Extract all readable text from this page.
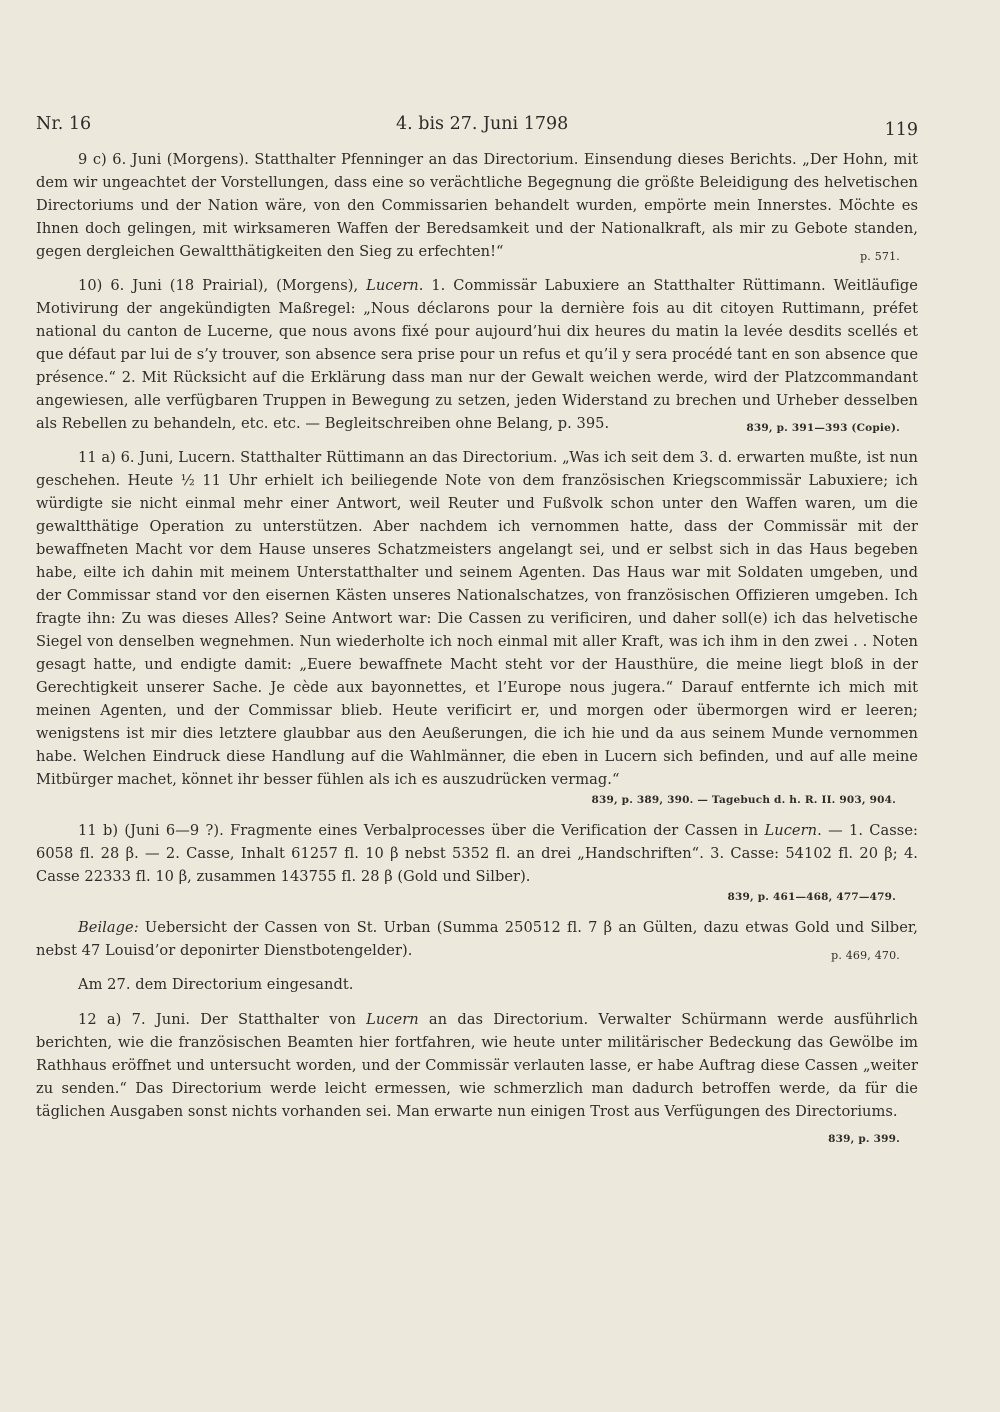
Nr. 16	4. bis 27. Juni 1798	119

9 c) 6. Juni (Morgens). Statthalter Pfenninger an das Directorium. Einsendung dieses Berichts. „Der Hohn, mit dem wir ungeachtet der Vorstellungen, dass eine so verächtliche Begegnung die größte Beleidigung des helvetischen Directoriums und der Nation wäre, von den Commissarien behandelt wurden, empörte mein Innerstes. Möchte es Ihnen doch gelingen, mit wirksameren Waffen der Beredsamkeit und der Nationalkraft, als mir zu Gebote standen, gegen dergleichen Gewaltthätigkeiten den Sieg zu erfechten!“	p. 571.

10) 6. Juni (18 Prairial), (Morgens), Lucern. 1. Commissär Labuxiere an Statthalter Rüttimann. Weitläufige Motivirung der angekündigten Maßregel: „Nous déclarons pour la dernière fois au dit citoyen Ruttimann, préfet national du canton de Lucerne, que nous avons fixé pour aujourd’hui dix heures du matin la levée desdits scellés et que défaut par lui de s’y trouver, son absence sera prise pour un refus et qu’il y sera procédé tant en son absence que présence.“ 2. Mit Rücksicht auf die Erklärung dass man nur der Gewalt weichen werde, wird der Platzcommandant angewiesen, alle verfügbaren Truppen in Bewegung zu setzen, jeden Widerstand zu brechen und Urheber desselben als Rebellen zu behandeln, etc. etc. — Begleitschreiben ohne Belang, p. 395.	839, p. 391—393 (Copie).

11 a) 6. Juni, Lucern. Statthalter Rüttimann an das Directorium. „Was ich seit dem 3. d. erwarten mußte, ist nun geschehen. Heute ½ 11 Uhr erhielt ich beiliegende Note von dem französischen Kriegscommissär Labuxiere; ich würdigte sie nicht einmal mehr einer Antwort, weil Reuter und Fußvolk schon unter den Waffen waren, um die gewaltthätige Operation zu unterstützen. Aber nachdem ich vernommen hatte, dass der Commissär mit der bewaffneten Macht vor dem Hause unseres Schatzmeisters angelangt sei, und er selbst sich in das Haus begeben habe, eilte ich dahin mit meinem Unterstatthalter und seinem Agenten. Das Haus war mit Soldaten umgeben, und der Commissar stand vor den eisernen Kästen unseres Nationalschatzes, von französischen Offizieren umgeben. Ich fragte ihn: Zu was dieses Alles? Seine Antwort war: Die Cassen zu verificiren, und daher soll(e) ich das helvetische Siegel von denselben wegnehmen. Nun wiederholte ich noch einmal mit aller Kraft, was ich ihm in den zwei . . Noten gesagt hatte, und endigte damit: „Euere bewaffnete Macht steht vor der Hausthüre, die meine liegt bloß in der Gerechtigkeit unserer Sache. Je cède aux bayonnettes, et l’Europe nous jugera.“ Darauf entfernte ich mich mit meinen Agenten, und der Commissar blieb. Heute verificirt er, und morgen oder übermorgen wird er leeren; wenigstens ist mir dies letztere glaubbar aus den Aeußerungen, die ich hie und da aus seinem Munde vernommen habe. Welchen Eindruck diese Handlung auf die Wahlmänner, die eben in Lucern sich befinden, und auf alle meine Mitbürger machet, könnet ihr besser fühlen als ich es auszudrücken vermag.“
839, p. 389, 390. — Tagebuch d. h. R. II. 903, 904.

11 b) (Juni 6—9 ?). Fragmente eines Verbalprocesses über die Verification der Cassen in Lucern. — 1. Casse: 6058 fl. 28 β. — 2. Casse, Inhalt 61257 fl. 10 β nebst 5352 fl. an drei „Handschriften“. 3. Casse: 54102 fl. 20 β; 4. Casse 22333 fl. 10 β, zusammen 143755 fl. 28 β (Gold und Silber).
839, p. 461—468, 477—479.

Beilage: Uebersicht der Cassen von St. Urban (Summa 250512 fl. 7 β an Gülten, dazu etwas Gold und Silber, nebst 47 Louisd’or deponirter Dienstbotengelder).	p. 469, 470.

Am 27. dem Directorium eingesandt.

12 a) 7. Juni. Der Statthalter von Lucern an das Directorium. Verwalter Schürmann werde ausführlich berichten, wie die französischen Beamten hier fortfahren, wie heute unter militärischer Bedeckung das Gewölbe im Rathhaus eröffnet und untersucht worden, und der Commissär verlauten lasse, er habe Auftrag diese Cassen „weiter zu senden.“ Das Directorium werde leicht ermessen, wie schmerzlich man dadurch betroffen werde, da für die täglichen Ausgaben sonst nichts vorhanden sei. Man erwarte nun einigen Trost aus Verfügungen des Directoriums.
839, p. 399.
